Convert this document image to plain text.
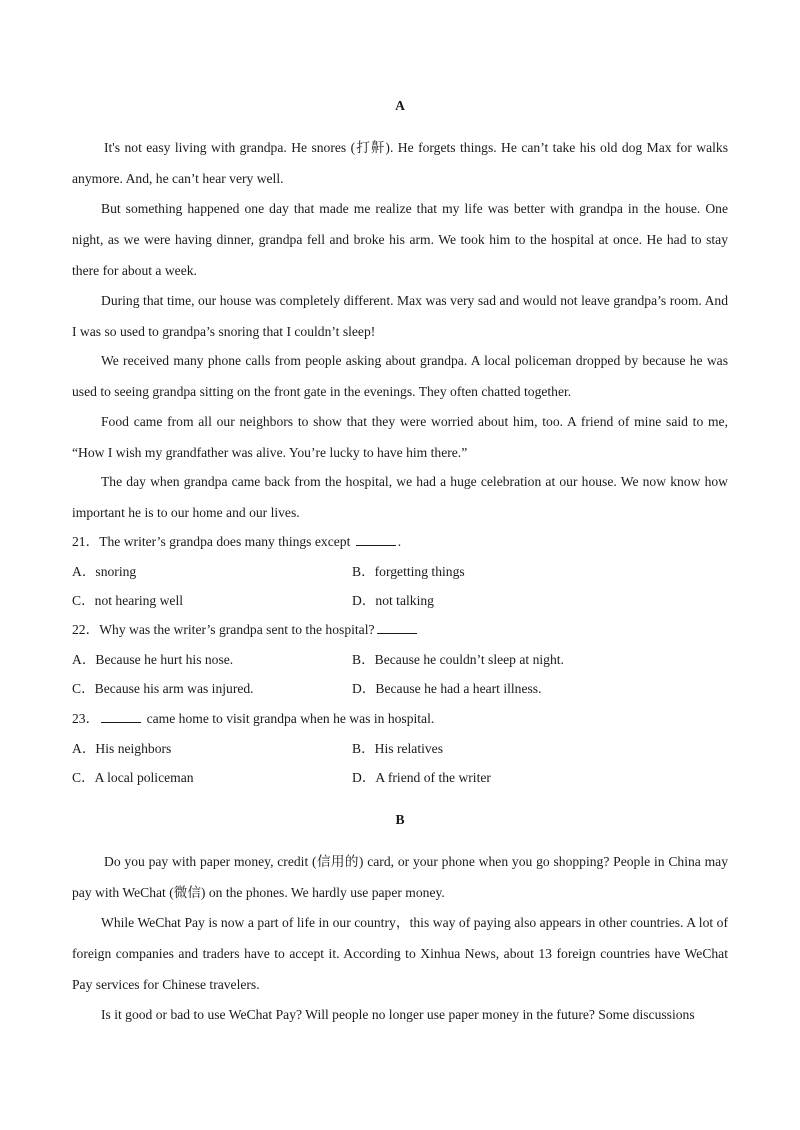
A
It's not easy living with grandpa. He snores (打鼾). He forgets things. He can’t take his old dog Max for walks anymore. And, he can’t hear very well.
But something happened one day that made me realize that my life was better with grandpa in the house. One night, as we were having dinner, grandpa fell and broke his arm. We took him to the hospital at once. He had to stay there for about a week.
During that time, our house was completely different. Max was very sad and would not leave grandpa’s room. And I was so used to grandpa’s snoring that I couldn’t sleep!
We received many phone calls from people asking about grandpa. A local policeman dropped by because he was used to seeing grandpa sitting on the front gate in the evenings. They often chatted together.
Food came from all our neighbors to show that they were worried about him, too. A friend of mine said to me, “How I wish my grandfather was alive. You’re lucky to have him there.”
The day when grandpa came back from the hospital, we had a huge celebration at our house. We now know how important he is to our home and our lives.
21．The writer’s grandpa does many things except	.
A．snoring	B．forgetting things
C．not hearing well	D．not talking
22．Why was the writer’s grandpa sent to the hospital?
A．Because he hurt his nose.	B．Because he couldn’t sleep at night.
C．Because his arm was injured.	D．Because he had a heart illness.
23．	came home to visit grandpa when he was in hospital.
A．His neighbors	B．His relatives
C．A local policeman	D．A friend of the writer
B
Do you pay with paper money, credit (信用的) card, or your phone when you go shopping? People in China may pay with WeChat (微信) on the phones. We hardly use paper money.
While WeChat Pay is now a part of life in our country，this way of paying also appears in other countries. A lot of foreign companies and traders have to accept it. According to Xinhua News, about 13 foreign countries have WeChat Pay services for Chinese travelers.
Is it good or bad to use WeChat Pay? Will people no longer use paper money in the future? Some discussions
